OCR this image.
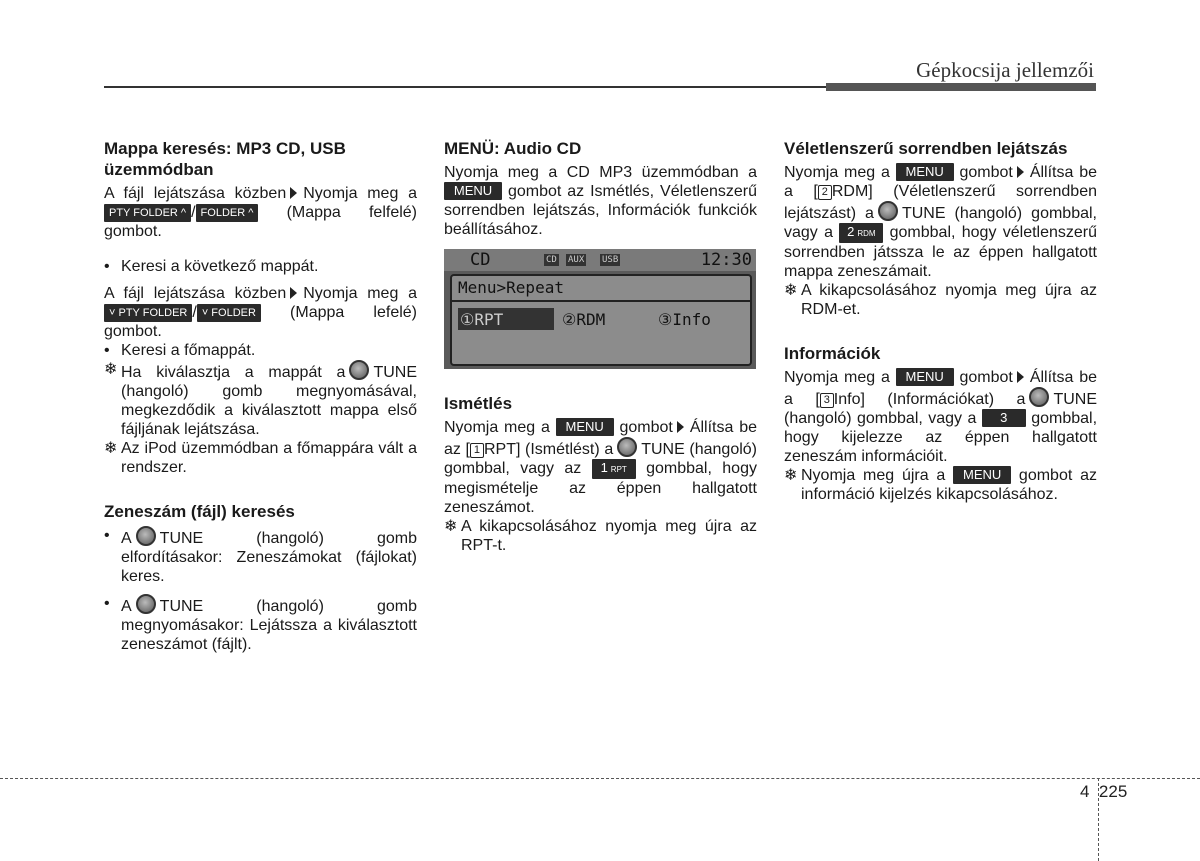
Gépkocsija jellemzői
Mappa keresés: MP3 CD, USB üzemmódban

A fájl lejátszása közben Nyomja meg a PTY FOLDER ^ / FOLDER ^ (Mappa felfelé) gombot.

• Keresi a következő mappát.

A fájl lejátszása közben Nyomja meg a ˅ PTY FOLDER / ˅ FOLDER (Mappa lefelé) gombot.

• Keresi a főmappát.
❄ Ha kiválasztja a mappát a TUNE (hangoló) gomb megnyomásával, megkezdődik a kiválasztott mappa első fájljának lejátszása.
❄ Az iPod üzemmódban a főmappára vált a rendszer.
Zeneszám (fájl) keresés
• A TUNE (hangoló) gomb elfordításakor: Zeneszámokat (fájlokat) keres.
• A TUNE (hangoló) gomb megnyomásakor: Lejátssza a kiválasztott zeneszámot (fájlt).
MENÜ: Audio CD

Nyomja meg a CD MP3 üzemmódban a MENU gombot az Ismétlés, Véletlenszerű sorrendben lejátszás, Információk funkciók beállításához.

CD	CD AUX USB	12:30
Menu>Repeat
①RPT	②RDM	③Info
Ismétlés

Nyomja meg a MENU gombot Állítsa be az [ 1 RPT] (Ismétlést) a TUNE (hangoló) gombbal, vagy az 1 RPT gombbal, hogy megismételje az éppen hallgatott zeneszámot.

❄ A kikapcsolásához nyomja meg újra az RPT-t.
Véletlenszerű sorrendben lejátszás

Nyomja meg a MENU gombot Állítsa be a [ 2 RDM] (Véletlenszerű sorrendben lejátszást) a TUNE (hangoló) gombbal, vagy a 2 RDM gombbal, hogy véletlenszerű sorrendben játssza le az éppen hallgatott mappa zeneszámait.

❄ A kikapcsolásához nyomja meg újra az RDM-et.
Információk

Nyomja meg a MENU gombot Állítsa be a [ 3 Info] (Információkat) a TUNE (hangoló) gombbal, vagy a 3 gombbal, hogy kijelezze az éppen hallgatott zeneszám információit.

❄ Nyomja meg újra a MENU gombot az információ kijelzés kikapcsolásához.
4 225
